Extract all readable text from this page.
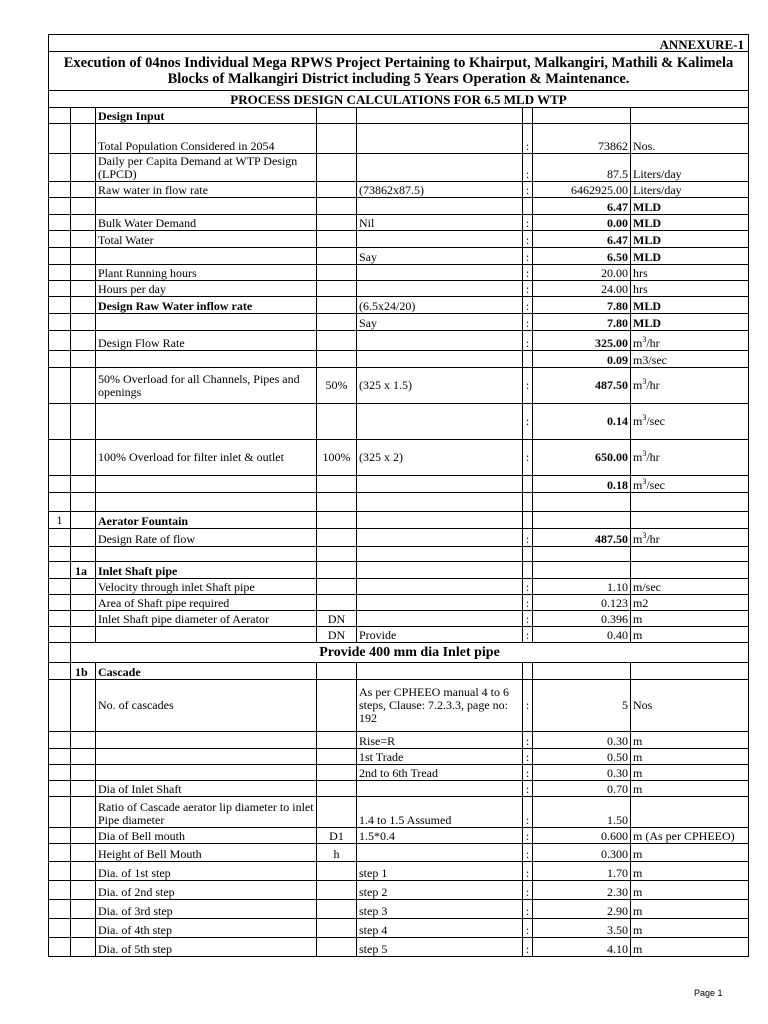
ANNEXURE-1							
Execution of 04nos Individual Mega RPWS Project Pertaining to Khairput, Malkangiri, Mathili & Kalimela Blocks of Malkangiri District including 5 Years Operation & Maintenance.							
PROCESS DESIGN CALCULATIONS FOR 6.5 MLD WTP							
		Design Input					
		Total Population Considered in 2054			:	73862	Nos.
		Daily per Capita Demand at WTP Design (LPCD)			:	87.5	Liters/day
		Raw water in flow rate		(73862x87.5)	:	6462925.00	Liters/day
						6.47	MLD
		Bulk Water Demand		Nil	:	0.00	MLD
		Total Water			:	6.47	MLD
				Say	:	6.50	MLD
		Plant Running hours			:	20.00	hrs
		Hours per day			:	24.00	hrs
		Design Raw Water inflow rate		(6.5x24/20)	:	7.80	MLD
				Say	:	7.80	MLD
		Design Flow Rate			:	325.00	$m^3/hr$
						0.09	m3/sec
		50% Overload for all Channels, Pipes and openings	50%	(325 x 1.5)	:	487.50	$m^3/hr$
					:	0.14	$m^3/\sec$
		100% Overload for filter inlet & outlet	100%	(325 x 2)	:	650.00	$m^3/hr$
						0.18	$m^3/\sec$

1		Aerator Fountain					
		Design Rate of flow			:	487.50	$m^3/hr$

	1a	Inlet Shaft pipe					
		Velocity through inlet Shaft pipe			:	1.10	m/sec
		Area of Shaft pipe required			:	0.123	m2
		Inlet Shaft pipe diameter of Aerator	DN		:	0.396	m
			DN	Provide	:	0.40	m
	Provide 400 mm dia Inlet pipe						
	1b	Cascade					
		No. of cascades		As per CPHEEO manual 4 to 6 steps, Clause: 7.2.3.3, page no: 192	:	5	Nos
				Rise=R	:	0.30	m
				1st Trade	:	0.50	m
				2nd to 6th Tread	:	0.30	m
		Dia of Inlet Shaft			:	0.70	m
		Ratio of Cascade aerator lip diameter to inlet Pipe diameter		1.4 to 1.5 Assumed	:	1.50	
		Dia of Bell mouth	D1	1.5*0.4	:	0.600	m (As per CPHEEO)
		Height of Bell Mouth	h		:	0.300	m
		Dia. of 1st step		step 1	:	1.70	m
		Dia. of 2nd step		step 2	:	2.30	m
		Dia. of 3rd step		step 3	:	2.90	m
		Dia. of 4th step		step 4	:	3.50	m
		Dia. of 5th step		step 5	:	4.10	m
Page 1
